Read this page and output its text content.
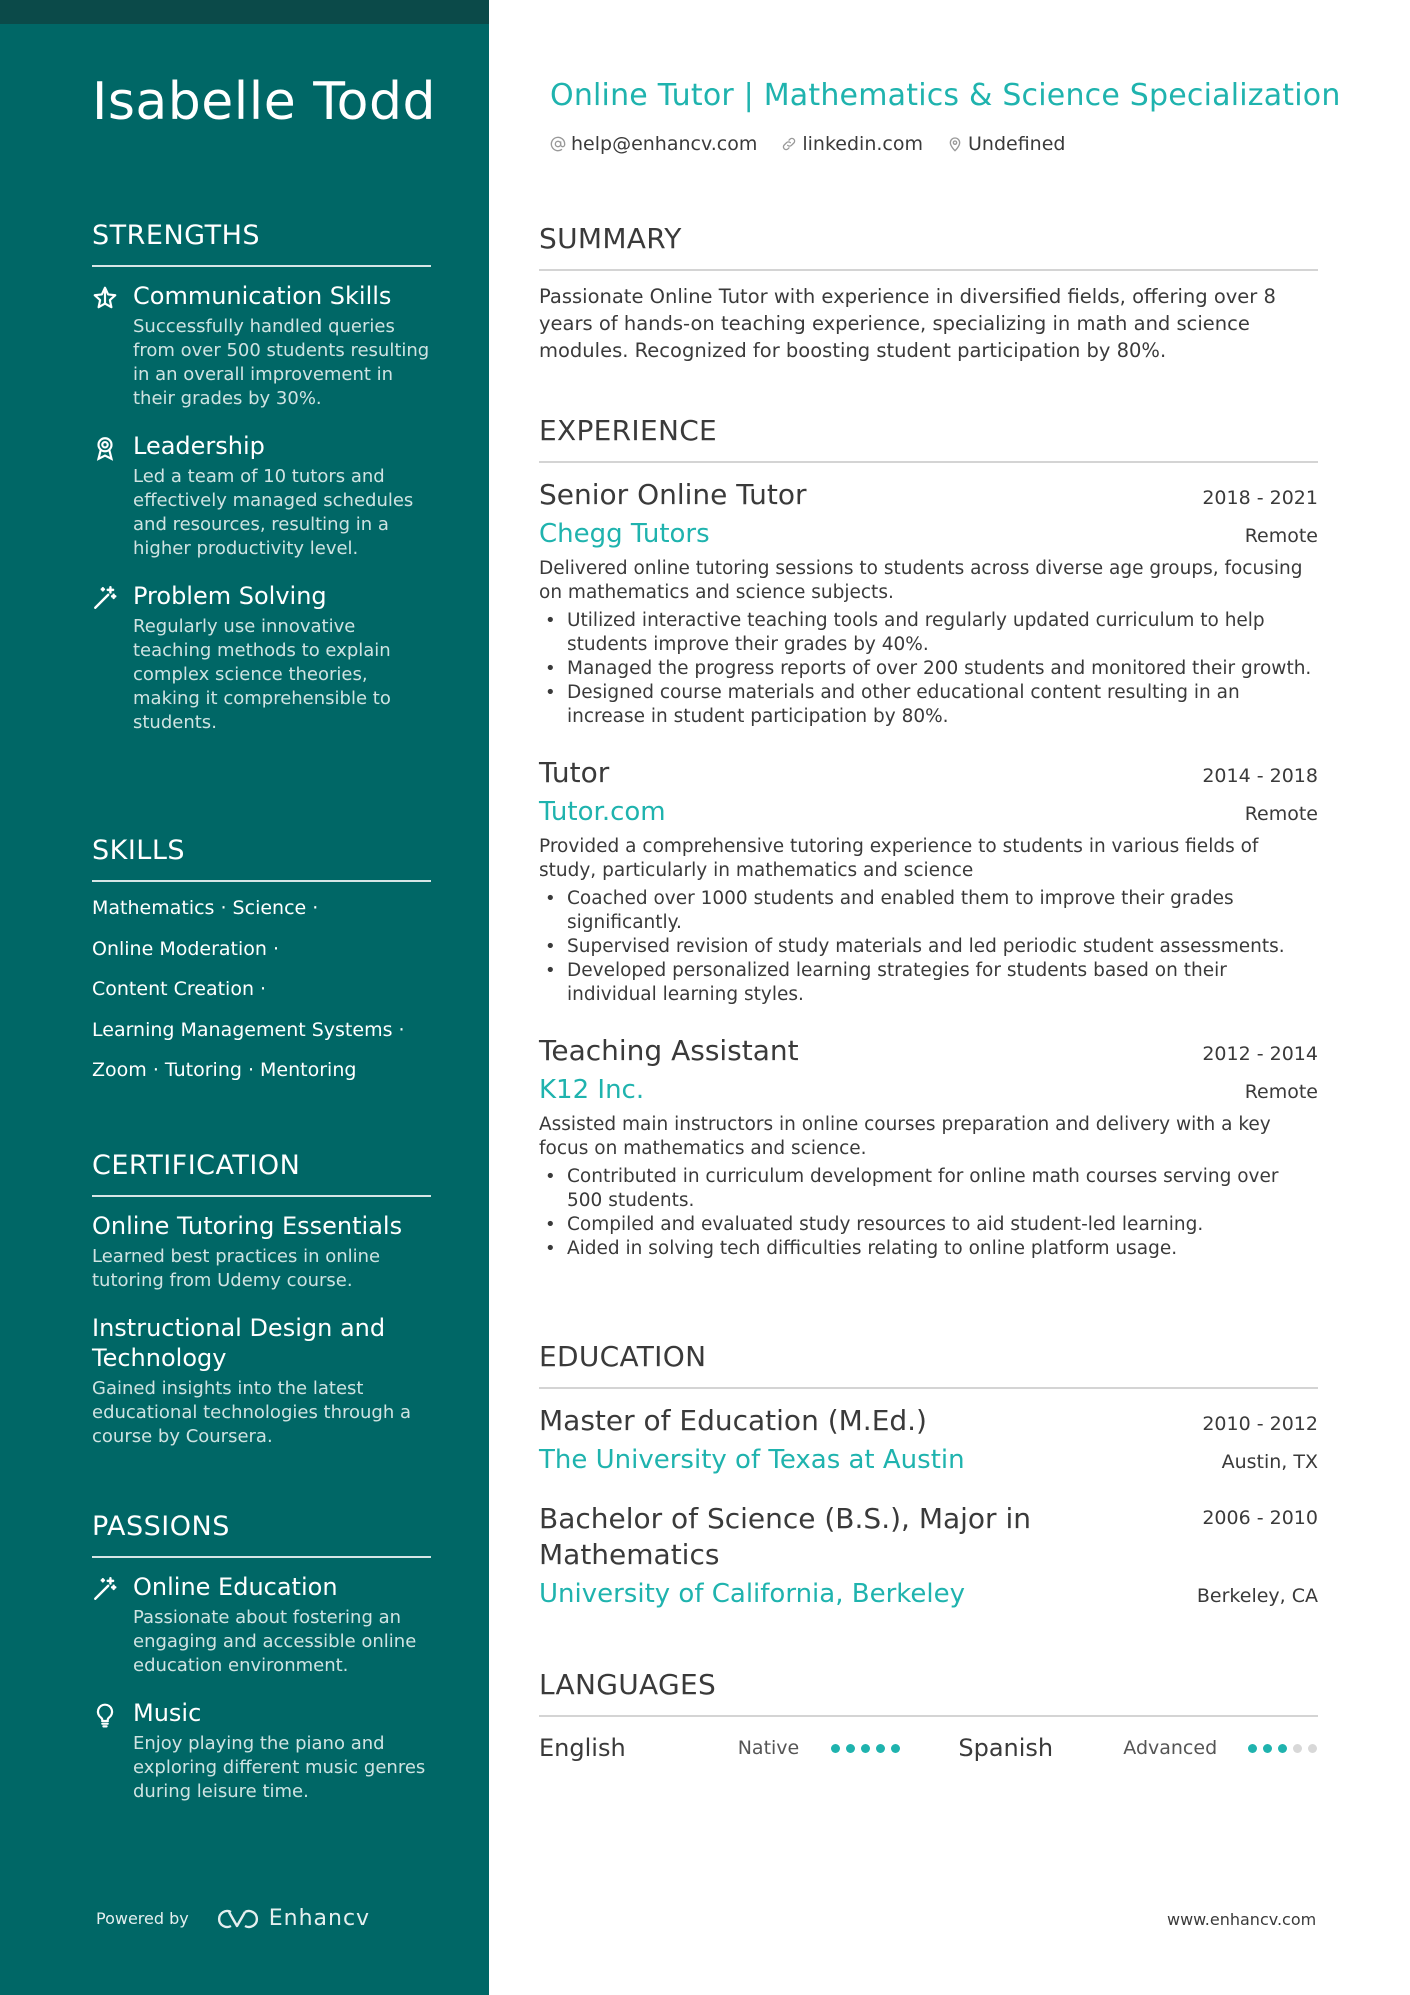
Isabelle Todd
STRENGTHS
Communication Skills
Successfully handled queries from over 500 students resulting in an overall improvement in their grades by 30%.
Leadership
Led a team of 10 tutors and effectively managed schedules and resources, resulting in a higher productivity level.
Problem Solving
Regularly use innovative teaching methods to explain complex science theories, making it comprehensible to students.
SKILLS
Mathematics · Science ·
Online Moderation ·
Content Creation ·
Learning Management Systems ·
Zoom · Tutoring · Mentoring
CERTIFICATION
Online Tutoring Essentials
Learned best practices in online tutoring from Udemy course.
Instructional Design and Technology
Gained insights into the latest educational technologies through a course by Coursera.
PASSIONS
Online Education
Passionate about fostering an engaging and accessible online education environment.
Music
Enjoy playing the piano and exploring different music genres during leisure time.
Powered by	Enhancv
Online Tutor | Mathematics & Science Specialization
help@enhancv.com linkedin.com Undefined
SUMMARY
Passionate Online Tutor with experience in diversified fields, offering over 8 years of hands-on teaching experience, specializing in math and science modules. Recognized for boosting student participation by 80%.
EXPERIENCE
Senior Online Tutor	2018 - 2021
Chegg Tutors	Remote
Delivered online tutoring sessions to students across diverse age groups, focusing on mathematics and science subjects.
• Utilized interactive teaching tools and regularly updated curriculum to help students improve their grades by 40%.
• Managed the progress reports of over 200 students and monitored their growth.
• Designed course materials and other educational content resulting in an increase in student participation by 80%.
Tutor	2014 - 2018
Tutor.com	Remote
Provided a comprehensive tutoring experience to students in various fields of study, particularly in mathematics and science
• Coached over 1000 students and enabled them to improve their grades significantly.
• Supervised revision of study materials and led periodic student assessments.
• Developed personalized learning strategies for students based on their individual learning styles.
Teaching Assistant	2012 - 2014
K12 Inc.	Remote
Assisted main instructors in online courses preparation and delivery with a key focus on mathematics and science.
• Contributed in curriculum development for online math courses serving over 500 students.
• Compiled and evaluated study resources to aid student-led learning.
• Aided in solving tech difficulties relating to online platform usage.
EDUCATION
Master of Education (M.Ed.)	2010 - 2012
The University of Texas at Austin	Austin, TX
Bachelor of Science (B.S.), Major in Mathematics
2006 - 2010
University of California, Berkeley	Berkeley, CA
LANGUAGES
English	Native	Spanish	Advanced
www.enhancv.com
